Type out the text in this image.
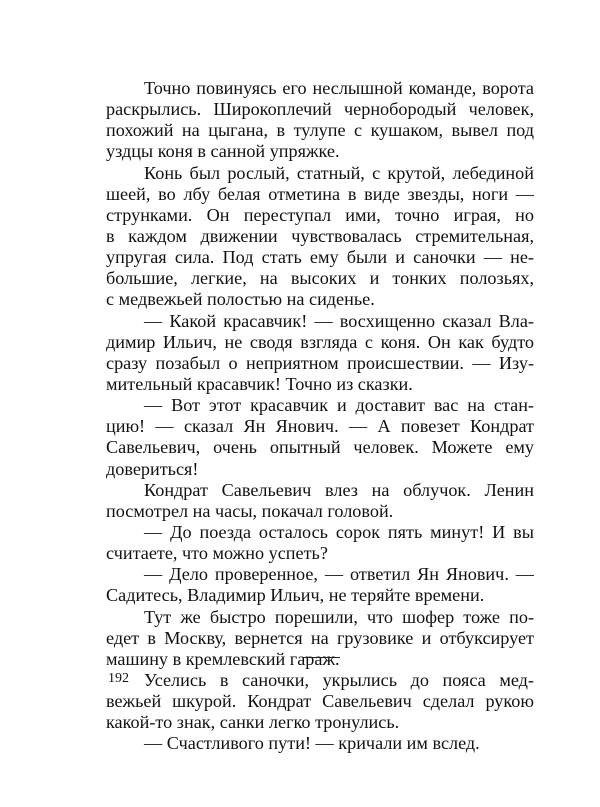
Точно повинуясь его неслышной команде, ворота
раскрылись. Широкоплечий чернобородый человек,
похожий на цыгана, в тулупе с кушаком, вывел под
уздцы коня в санной упряжке.
Конь был рослый, статный, с крутой, лебединой
шеей, во лбу белая отметина в виде звезды, ноги —
струнками. Он переступал ими, точно играя, но
в каждом движении чувствовалась стремительная,
упругая сила. Под стать ему были и саночки — не-
большие, легкие, на высоких и тонких полозьях,
с медвежьей полостью на сиденье.
— Какой красавчик! — восхищенно сказал Вла-
димир Ильич, не сводя взгляда с коня. Он как будто
сразу позабыл о неприятном происшествии. — Изу-
мительный красавчик! Точно из сказки.
— Вот этот красавчик и доставит вас на стан-
цию! — сказал Ян Янович. — А повезет Кондрат
Савельевич, очень опытный человек. Можете ему
довериться!
Кондрат Савельевич влез на облучок. Ленин
посмотрел на часы, покачал головой.
— До поезда осталось сорок пять минут! И вы
считаете, что можно успеть?
— Дело проверенное, — ответил Ян Янович. —
Садитесь, Владимир Ильич, не теряйте времени.
Тут же быстро порешили, что шофер тоже по-
едет в Москву, вернется на грузовике и отбуксирует
машину в кремлевский гараж.
Уселись в саночки, укрылись до пояса мед-
вежьей шкурой. Кондрат Савельевич сделал рукою
какой-то знак, санки легко тронулись.
— Счастливого пути! — кричали им вслед.
192
